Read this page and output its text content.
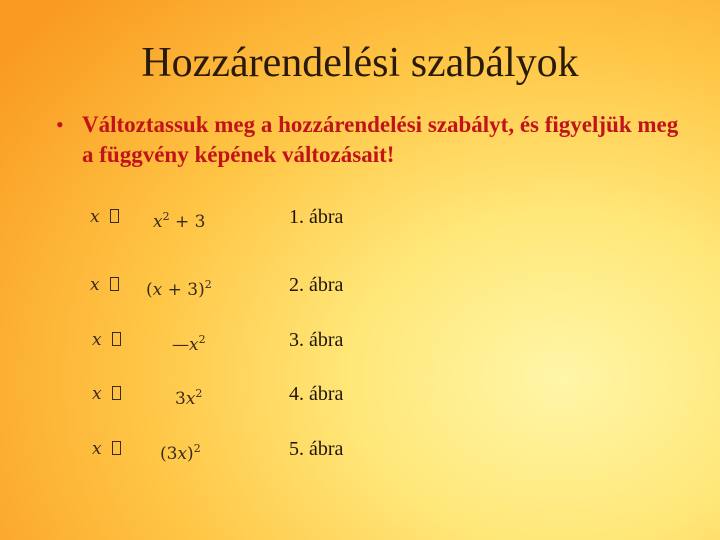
Hozzárendelési szabályok
• Változtassuk meg a hozzárendelési szabályt, és figyeljük meg a függvény képének változásait!
x	$x^2 + 3$	1. ábra
x	$(x + 3)^2$	2. ábra
x	$—x^2$	3. ábra
x	$3x^2$	4. ábra
x	$(3x)^2$	5. ábra
